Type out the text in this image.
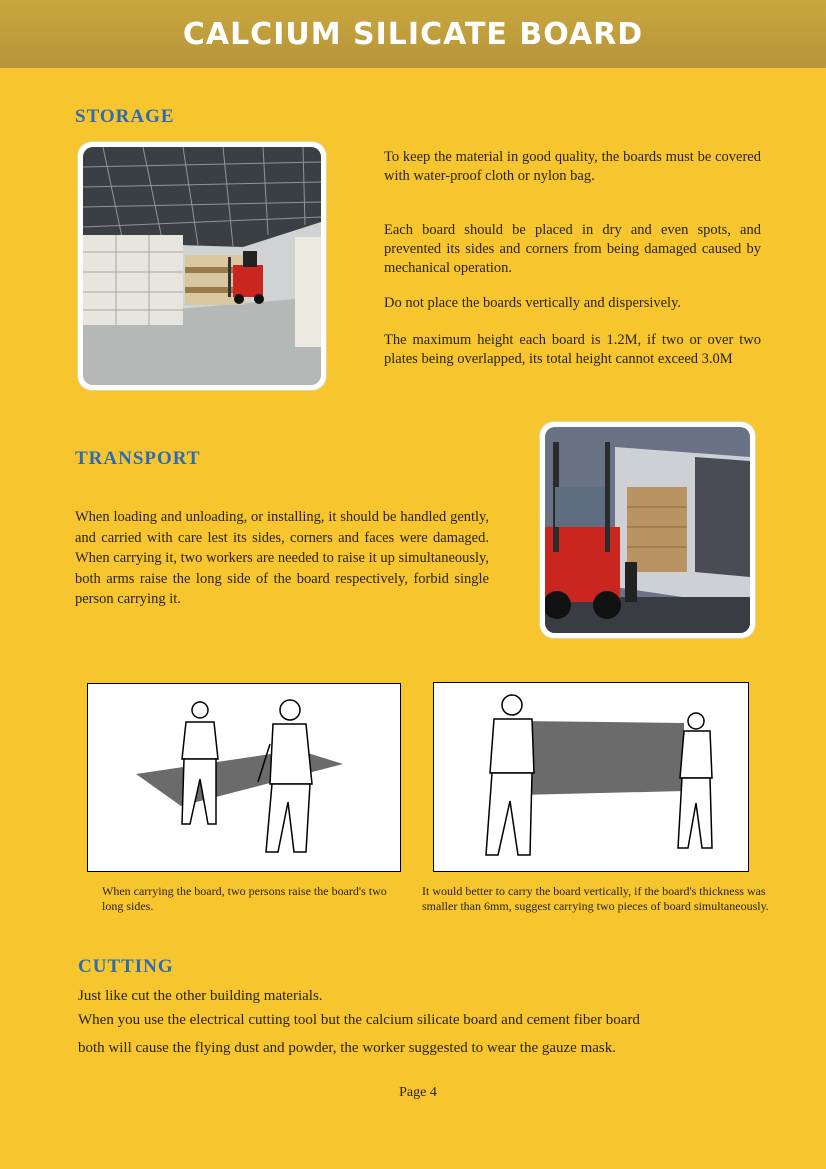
CALCIUM SILICATE BOARD
STORAGE

To keep the material in good quality, the boards must be covered with water-proof cloth or nylon bag.

Each board should be placed in dry and even spots, and prevented its sides and corners from being damaged caused by mechanical operation.

Do not place the boards vertically and dispersively.

The maximum height each board is 1.2M, if two or over two plates being overlapped, its total height cannot exceed 3.0M

TRANSPORT

When loading and unloading, or installing, it should be handled gently, and carried with care lest its sides, corners and faces were damaged. When carrying it, two workers are needed to raise it up simultaneously, both arms raise the long side of the board respectively, forbid single person carrying it.

When carrying the board, two persons raise the board's two long sides.

It would better to carry the board vertically, if the board's thickness was smaller than 6mm, suggest carrying two pieces of board simultaneously.

CUTTING

Just like cut the other building materials.

When you use the electrical cutting tool but the calcium silicate board and cement fiber board

both will cause the flying dust and powder, the worker suggested to wear the gauze mask.

Page 4
